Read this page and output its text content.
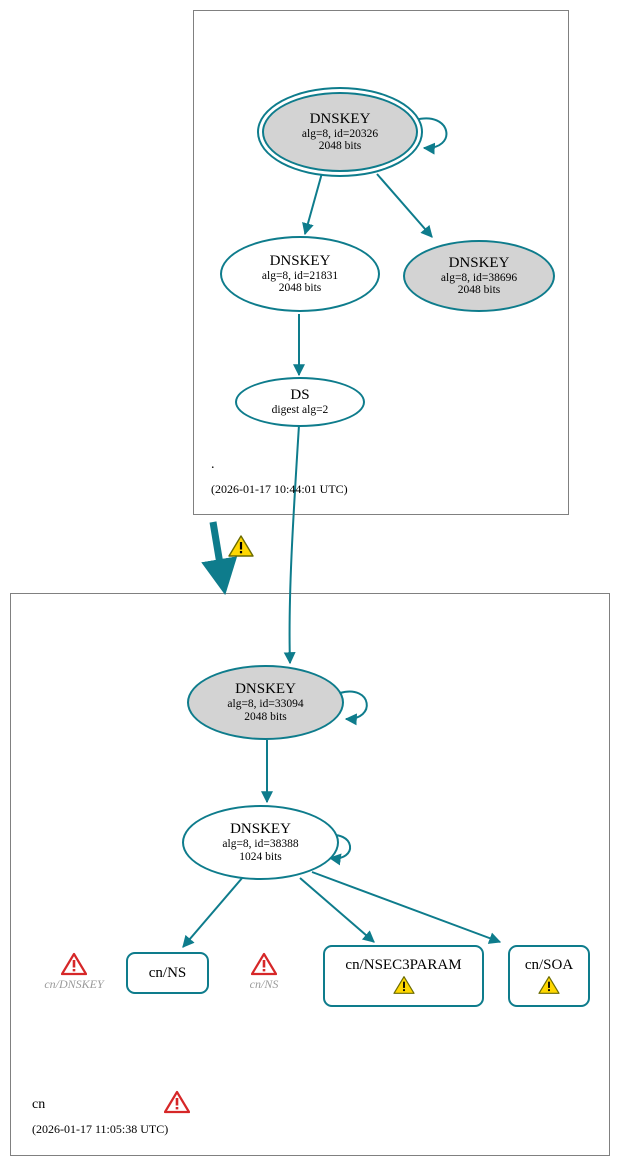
DNSKEY
alg=8, id=20326
2048 bits
DNSKEY
alg=8, id=21831
2048 bits
DNSKEY
alg=8, id=38696
2048 bits
DS
digest alg=2
.
(2026-01-17 10:44:01 UTC)
DNSKEY
alg=8, id=33094
2048 bits
DNSKEY
alg=8, id=38388
1024 bits
cn/NS	cn/NSEC3PARAM	cn/SOA
cn/DNSKEY	cn/NS
cn
(2026-01-17 11:05:38 UTC)
